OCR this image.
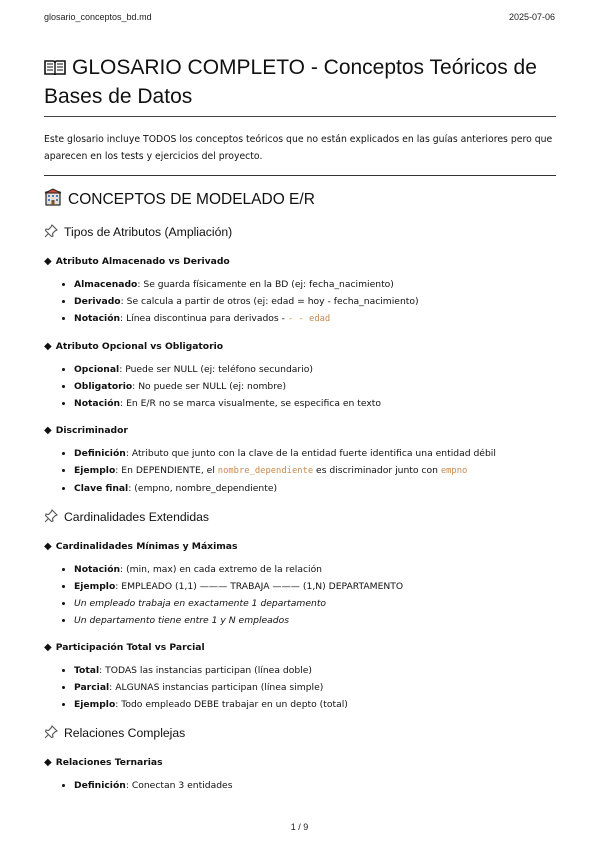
glosario_conceptos_bd.md	2025-07-06
GLOSARIO COMPLETO - Conceptos Teóricos de Bases de Datos

Este glosario incluye TODOS los conceptos teóricos que no están explicados en las guías anteriores pero que aparecen en los tests y ejercicios del proyecto.

CONCEPTOS DE MODELADO E/R
Tipos de Atributos (Ampliación)
◆ Atributo Almacenado vs Derivado
• Almacenado: Se guarda físicamente en la BD (ej: fecha_nacimiento)
• Derivado: Se calcula a partir de otros (ej: edad = hoy - fecha_nacimiento)
• Notación: Línea discontinua para derivados - - - edad
◆ Atributo Opcional vs Obligatorio
• Opcional: Puede ser NULL (ej: teléfono secundario)
• Obligatorio: No puede ser NULL (ej: nombre)
• Notación: En E/R no se marca visualmente, se especifica en texto
◆ Discriminador
• Definición: Atributo que junto con la clave de la entidad fuerte identifica una entidad débil
• Ejemplo: En DEPENDIENTE, el nombre_dependiente es discriminador junto con empno
• Clave final: (empno, nombre_dependiente)
Cardinalidades Extendidas
◆ Cardinalidades Mínimas y Máximas
• Notación: (min, max) en cada extremo de la relación
• Ejemplo: EMPLEADO (1,1) ——— TRABAJA ——— (1,N) DEPARTAMENTO
• Un empleado trabaja en exactamente 1 departamento
• Un departamento tiene entre 1 y N empleados
◆ Participación Total vs Parcial
• Total: TODAS las instancias participan (línea doble)
• Parcial: ALGUNAS instancias participan (línea simple)
• Ejemplo: Todo empleado DEBE trabajar en un depto (total)
Relaciones Complejas
◆ Relaciones Ternarias
• Definición: Conectan 3 entidades
1 / 9
